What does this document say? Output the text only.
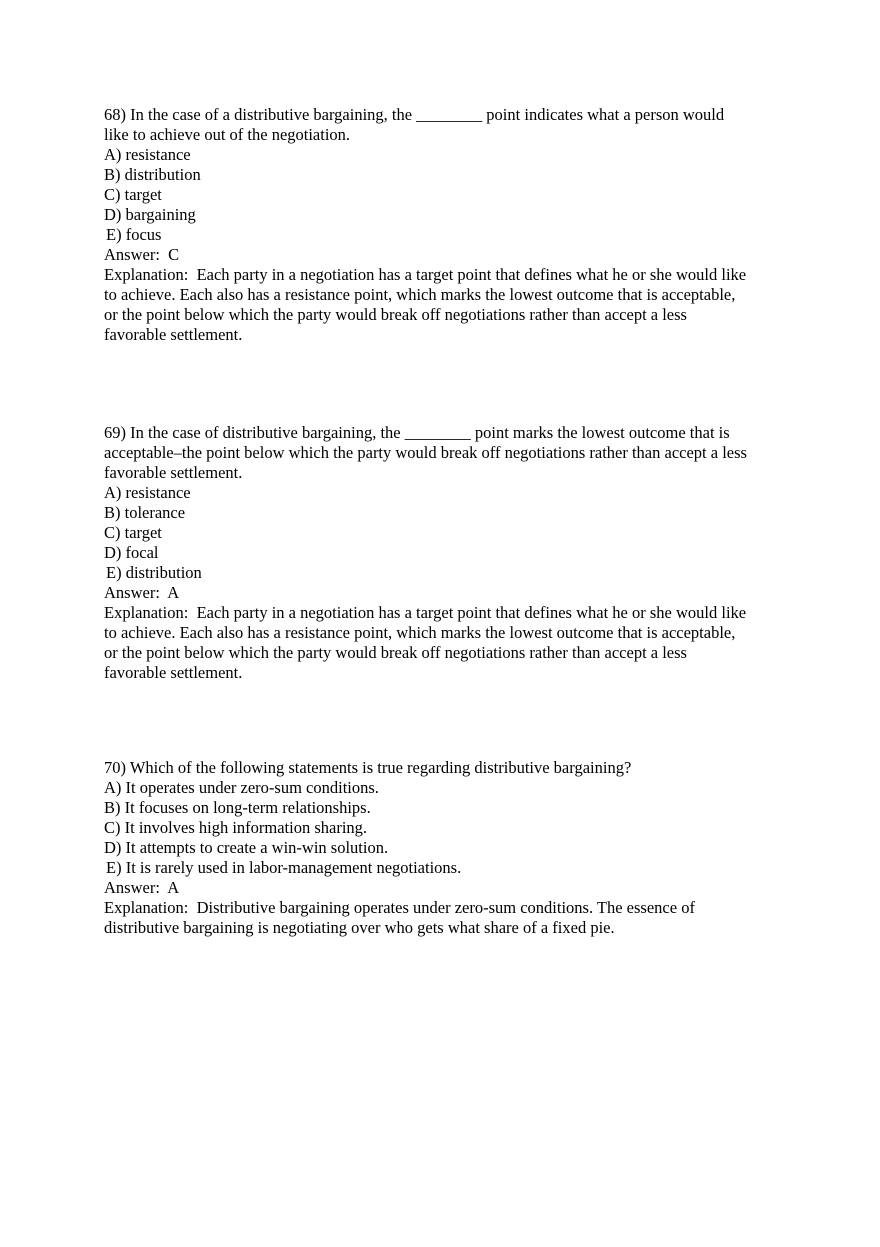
68) In the case of a distributive bargaining, the ________ point indicates what a person would
like to achieve out of the negotiation.
A) resistance
B) distribution
C) target
D) bargaining
E) focus
Answer:  C
Explanation:  Each party in a negotiation has a target point that defines what he or she would like
to achieve. Each also has a resistance point, which marks the lowest outcome that is acceptable,
or the point below which the party would break off negotiations rather than accept a less
favorable settlement.
69) In the case of distributive bargaining, the ________ point marks the lowest outcome that is
acceptable–the point below which the party would break off negotiations rather than accept a less
favorable settlement.
A) resistance
B) tolerance
C) target
D) focal
E) distribution
Answer:  A
Explanation:  Each party in a negotiation has a target point that defines what he or she would like
to achieve. Each also has a resistance point, which marks the lowest outcome that is acceptable,
or the point below which the party would break off negotiations rather than accept a less
favorable settlement.
70) Which of the following statements is true regarding distributive bargaining?
A) It operates under zero-sum conditions.
B) It focuses on long-term relationships.
C) It involves high information sharing.
D) It attempts to create a win-win solution.
E) It is rarely used in labor-management negotiations.
Answer:  A
Explanation:  Distributive bargaining operates under zero-sum conditions. The essence of
distributive bargaining is negotiating over who gets what share of a fixed pie.
